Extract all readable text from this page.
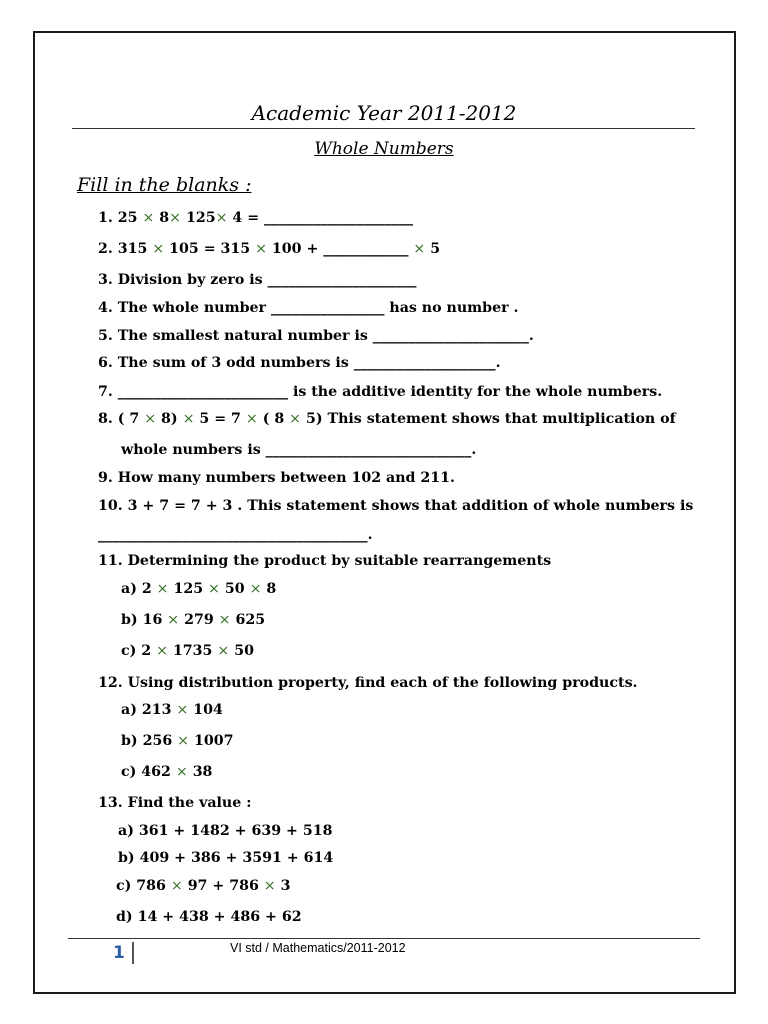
Academic Year 2011-2012
Whole Numbers
Fill in the blanks :
1. 25 × 8× 125× 4 = _____________________
2. 315 × 105 = 315 × 100 + ____________ × 5
3. Division by zero is _____________________
4. The whole number ________________ has no number .
5. The smallest natural number is ______________________.
6. The sum of 3 odd numbers is ____________________.
7. ________________________ is the additive identity for the whole numbers.
8. ( 7 × 8) × 5 = 7 × ( 8 × 5) This statement shows that multiplication of
whole numbers is _____________________________.
9. How many numbers between 102 and 211.
10. 3 + 7 = 7 + 3 . This statement shows that addition of whole numbers is
______________________________________.
11. Determining the product by suitable rearrangements
a) 2 × 125 × 50 × 8
b) 16 × 279 × 625
c) 2 × 1735 × 50
12. Using distribution property, find each of the following products.
a) 213 × 104
b) 256 × 1007
c) 462 × 38
13. Find the value :
a) 361 + 1482 + 639 + 518
b) 409 + 386 + 3591 + 614
c) 786 × 97 + 786 × 3
d) 14 + 438 + 486 + 62
1	VI std / Mathematics/2011-2012
